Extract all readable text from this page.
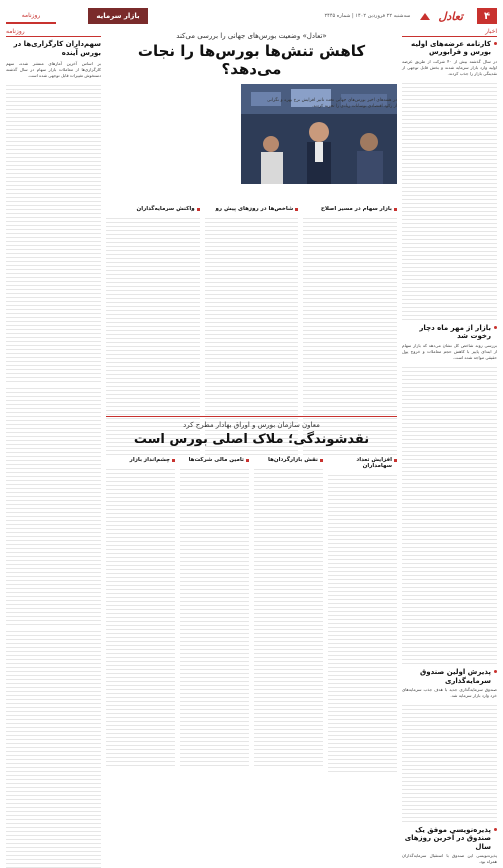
۴
تعادل
سه‌شنبه ۲۲ فروردین ۱۴۰۲ | شماره ۲۴۴۵
بازار سرمایه
روزنامه
اخبار
کارنامه عرضه‌های اولیه بورس و فرابورس
در سال گذشته بیش از ۴۰ شرکت از طریق عرضه اولیه وارد بازار سرمایه شدند و بخش قابل توجهی از نقدینگی بازار را جذب کردند.
بازار از مهر ماه دچار رخوت شد
بررسی روند شاخص کل نشان می‌دهد که بازار سهام از ابتدای پاییز با کاهش حجم معاملات و خروج پول حقیقی مواجه شده است.
پذیرش اولین صندوق سرمایه‌گذاری
صندوق سرمایه‌گذاری جدید با هدف جذب سرمایه‌های خرد وارد بازار سرمایه شد.
پذیره‌نویسی موفق یک صندوق در آخرین روزهای سال
پذیره‌نویسی این صندوق با استقبال سرمایه‌گذاران همراه بود.
روزنامه
سهم‌داران کارگزاری‌ها در بورس آینده
بر اساس آخرین آمارهای منتشر شده، سهم کارگزاری‌ها از معاملات بازار سهام در سال گذشته دستخوش تغییرات قابل توجهی شده است.
«تعادل» وضعیت بورس‌های جهانی را بررسی می‌کند
کاهش تنش‌ها بورس‌ها را نجات می‌دهد؟
در هفته‌های اخیر بورس‌های جهانی تحت تاثیر افزایش نرخ بهره و نگرانی از رکود اقتصادی نوسانات زیادی را تجربه کردند.
بازار سهام در مسیر اصلاح
شاخص‌ها در روزهای پیش رو
واکنش سرمایه‌گذاران
معاون سازمان بورس و اوراق بهادار مطرح کرد
نقدشوندگی؛ ملاک اصلی بورس است
افزایش تعداد سهامداران
نقش بازارگردان‌ها
تامین مالی شرکت‌ها
چشم‌انداز بازار
